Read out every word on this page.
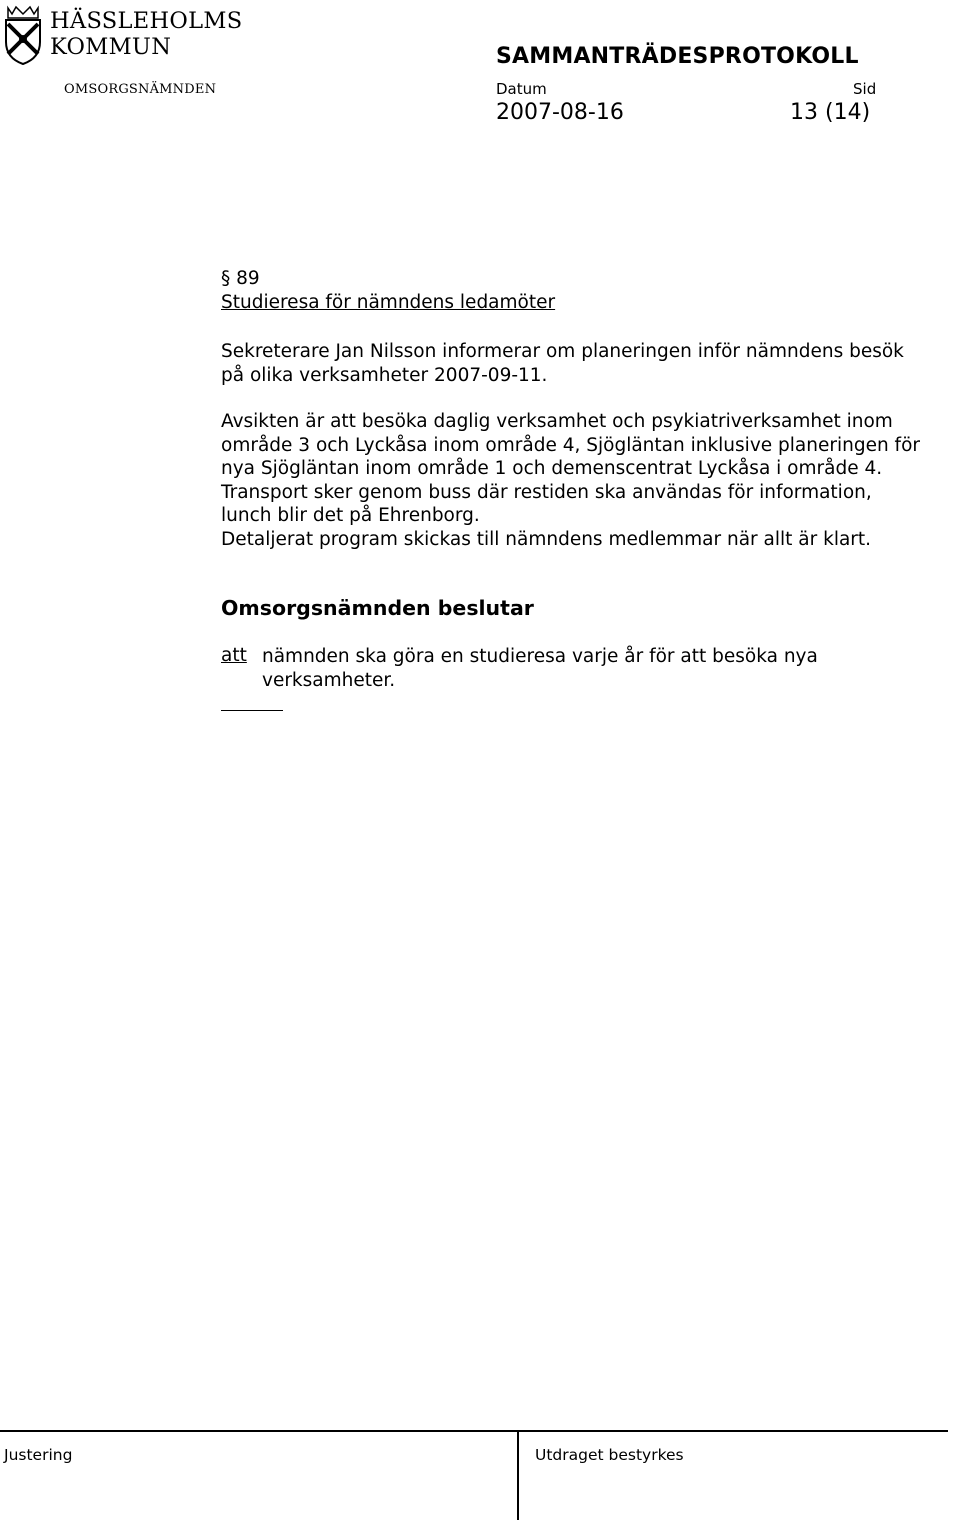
HÄSSLEHOLMS
KOMMUN	SAMMANTRÄDESPROTOKOLL
OMSORGSNÄMNDEN	Datum	Sid
2007-08-16	13 (14)
§ 89
Studieresa för nämndens ledamöter
Sekreterare Jan Nilsson informerar om planeringen inför nämndens besök
på olika verksamheter 2007-09-11.
Avsikten är att besöka daglig verksamhet och psykiatriverksamhet inom
område 3 och Lyckåsa inom område 4, Sjögläntan inklusive planeringen för
nya Sjögläntan inom område 1 och demenscentrat Lyckåsa i område 4.
Transport sker genom buss där restiden ska användas för information,
lunch blir det på Ehrenborg.
Detaljerat program skickas till nämndens medlemmar när allt är klart.
Omsorgsnämnden beslutar
att nämnden ska göra en studieresa varje år för att besöka nya
verksamheter.
Justering	Utdraget bestyrkes
